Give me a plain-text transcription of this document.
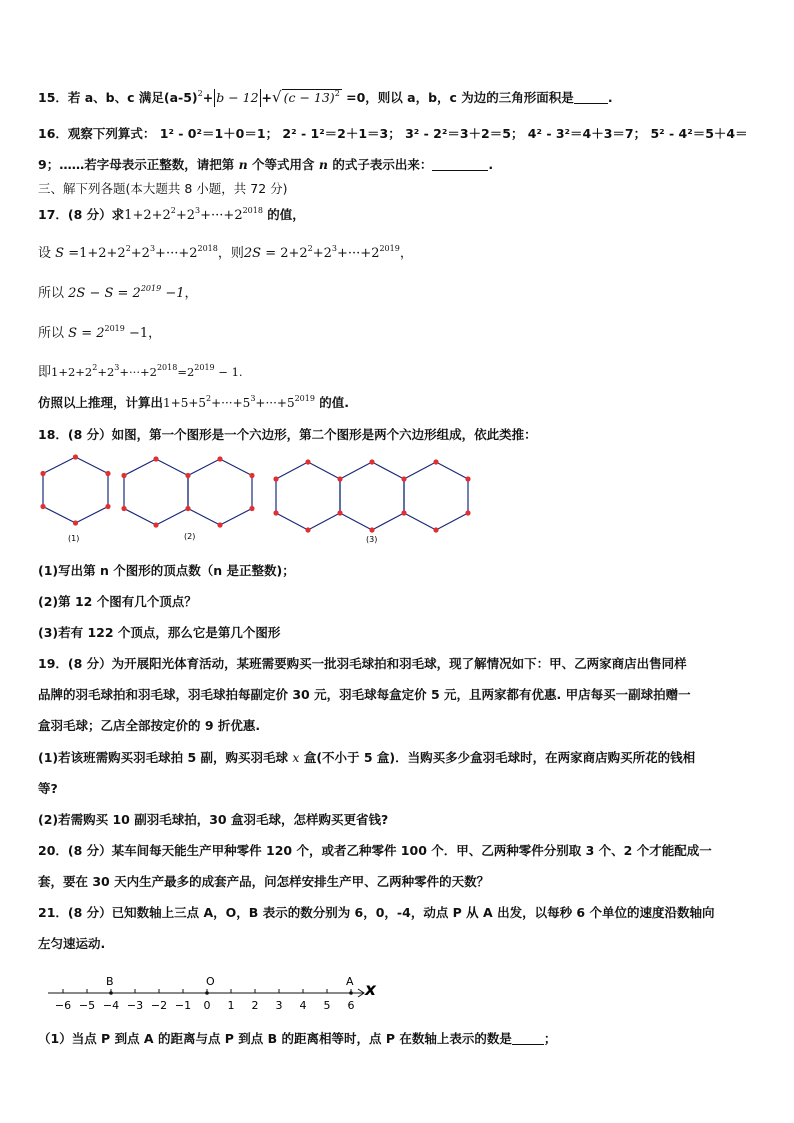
15．若 a、b、c 满足$(a-5)^2+ b - 12$ +√ $(c - 13)^2 =0$，则以 a，b，c 为边的三角形面积是	.
16．观察下列算式： 1² - 0²＝1＋0＝1； 2² - 1²＝2＋1＝3； 3² - 2²＝3＋2＝5； 4² - 3²＝4＋3＝7； 5² - 4²＝5＋4＝
9；……若字母表示正整数，请把第 n 个等式用含 n 的式子表示出来：	.
三、解下列各题(本大题共 8 小题，共 72 分)
17．(8 分）求$1+2+2^2+2^3+\cdot\cdot\cdot+2^{2018}$ 的值，
设 $S =1+2+2^2+2^3+\cdot\cdot\cdot+2^{2018}$，则$2S = 2+2^2+2^3+\cdot\cdot\cdot+2^{2019}$，
所以 $2S - S = 2^{2019} -1$，
所以 $S = 2^{2019} -1$，
即$1+2+2^2+2^3+\cdot\cdot\cdot+2^{2018}=2^{2019} - 1$.
仿照以上推理，计算出$1+5+5^2+\cdot\cdot\cdot+5^3+\cdot\cdot\cdot+5^{2019}$ 的值.
18．(8 分）如图，第一个图形是一个六边形，第二个图形是两个六边形组成，依此类推：
(1)	(2)	(3)
(1)写出第 n 个图形的顶点数（n 是正整数)；
(2)第 12 个图有几个顶点？
(3)若有 122 个顶点，那么它是第几个图形
19．(8 分）为开展阳光体育活动，某班需要购买一批羽毛球拍和羽毛球，现了解情况如下：甲、乙两家商店出售同样
品牌的羽毛球拍和羽毛球，羽毛球拍每副定价 30 元，羽毛球每盒定价 5 元，且两家都有优惠. 甲店每买一副球拍赠一
盒羽毛球；乙店全部按定价的 9 折优惠.
(1)若该班需购买羽毛球拍 5 副，购买羽毛球 x 盒(不小于 5 盒)．当购买多少盒羽毛球时，在两家商店购买所花的钱相
等?
(2)若需购买 10 副羽毛球拍，30 盒羽毛球，怎样购买更省钱?
20．(8 分）某车间每天能生产甲种零件 120 个，或者乙种零件 100 个．甲、乙两种零件分别取 3 个、2 个才能配成一
套，要在 30 天内生产最多的成套产品，问怎样安排生产甲、乙两种零件的天数？
21．(8 分）已知数轴上三点 A，O，B 表示的数分别为 6，0，-4，动点 P 从 A 出发，以每秒 6 个单位的速度沿数轴向
左匀速运动.
−6 −5 −4 −3 −2 −1 0 1 2 3 4 5 6
B	O	A x
（1）当点 P 到点 A 的距离与点 P 到点 B 的距离相等时，点 P 在数轴上表示的数是	；
